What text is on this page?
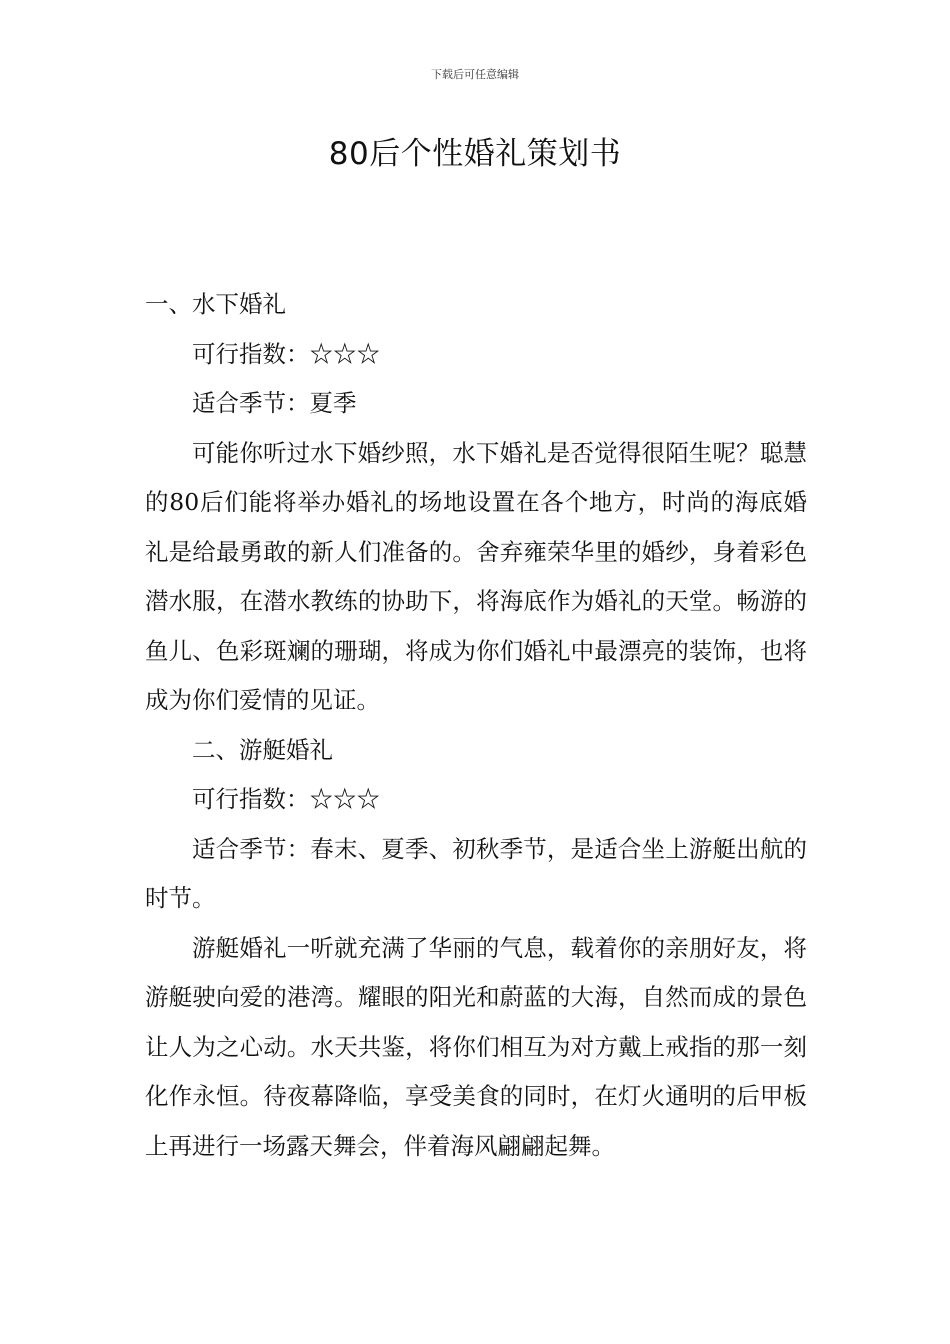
下载后可任意编辑
80后个性婚礼策划书

一、水下婚礼

可行指数：☆☆☆

适合季节：夏季

可能你听过水下婚纱照，水下婚礼是否觉得很陌生呢？聪慧的80后们能将举办婚礼的场地设置在各个地方，时尚的海底婚礼是给最勇敢的新人们准备的。舍弃雍荣华里的婚纱，身着彩色潜水服，在潜水教练的协助下，将海底作为婚礼的天堂。畅游的鱼儿、色彩斑斓的珊瑚，将成为你们婚礼中最漂亮的装饰，也将成为你们爱情的见证。

二、游艇婚礼

可行指数：☆☆☆

适合季节：春末、夏季、初秋季节，是适合坐上游艇出航的时节。

游艇婚礼一听就充满了华丽的气息，载着你的亲朋好友，将游艇驶向爱的港湾。耀眼的阳光和蔚蓝的大海，自然而成的景色让人为之心动。水天共鉴，将你们相互为对方戴上戒指的那一刻化作永恒。待夜幕降临，享受美食的同时，在灯火通明的后甲板上再进行一场露天舞会，伴着海风翩翩起舞。
